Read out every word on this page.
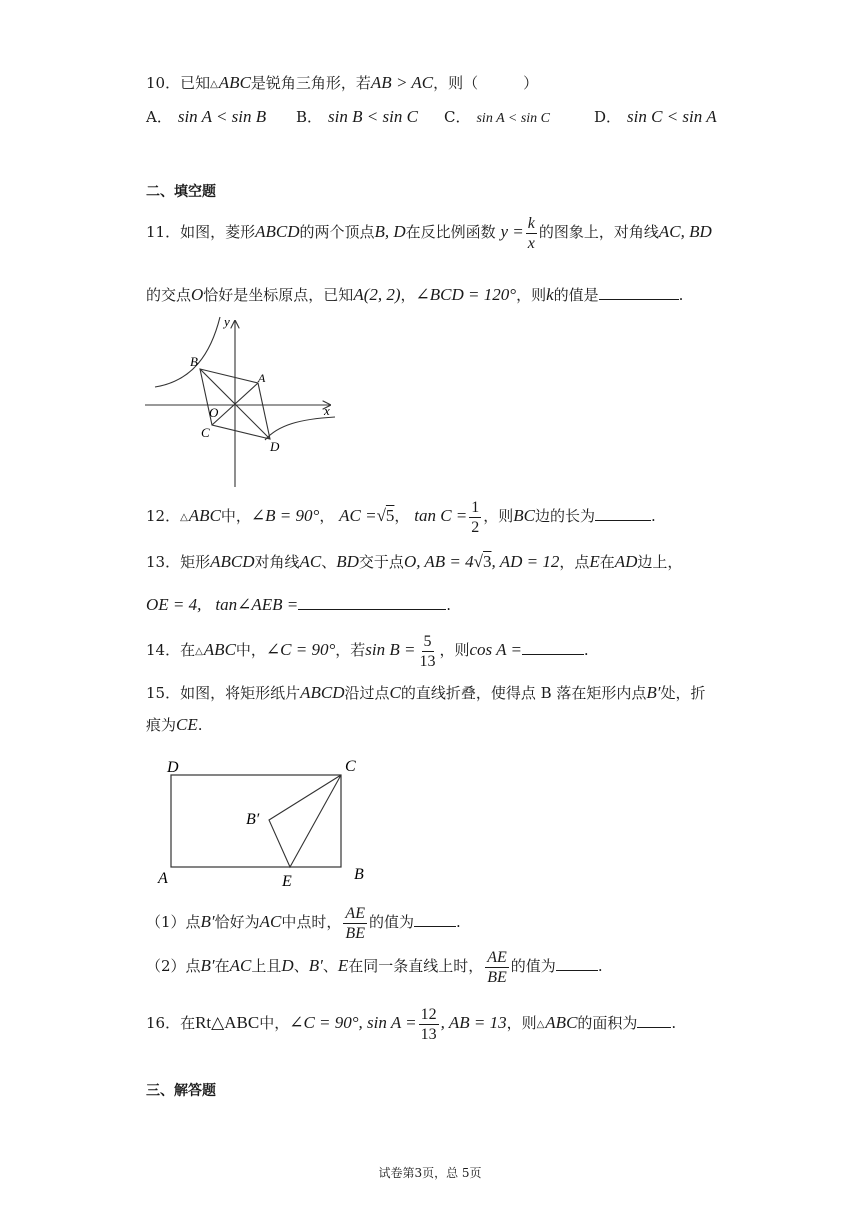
10．已知△ABC是锐角三角形，若AB > AC，则（　　　）
A． sin A < sin B B． sin B < sin C C． sin A < sin C	D． sin C < sin A
二、填空题
11．如图，菱形ABCD的两个顶点B, D在反比例函数 $y = \frac{k}{x}$ 的图象上，对角线AC, BD
的交点O恰好是坐标原点，已知A(2, 2)，∠BCD = 120°，则k的值是	.
y
x
B
A
O
C
D
12．△ABC中，∠B = 90°， AC =√5， $\tan C = \frac{1}{2}$ ，则BC边的长为	.
13．矩形ABCD对角线AC、BD交于点O, AB = 4√3, AD = 12，点E在AD边上，
OE = 4, tan∠AEB =	.
14．在△ABC中，∠C = 90°，若$\sin B = \frac{5}{13}$ ，则cos A =	.
15．如图，将矩形纸片ABCD沿过点C的直线折叠，使得点 B 落在矩形内点B′处，折
痕为CE.
D	C
B′
A	E	B
（1）点B′恰好为AC中点时， $\frac{AE}{BE}$ 的值为	.
（2）点B′在AC上且D、B′、E在同一条直线上时， $\frac{AE}{BE}$ 的值为	.
16．在Rt△ABC中，∠C = 90°, $\sin A = \frac{12}{13}$ , AB = 13，则△ABC的面积为 .
三、解答题
试卷第3页，总 5页
